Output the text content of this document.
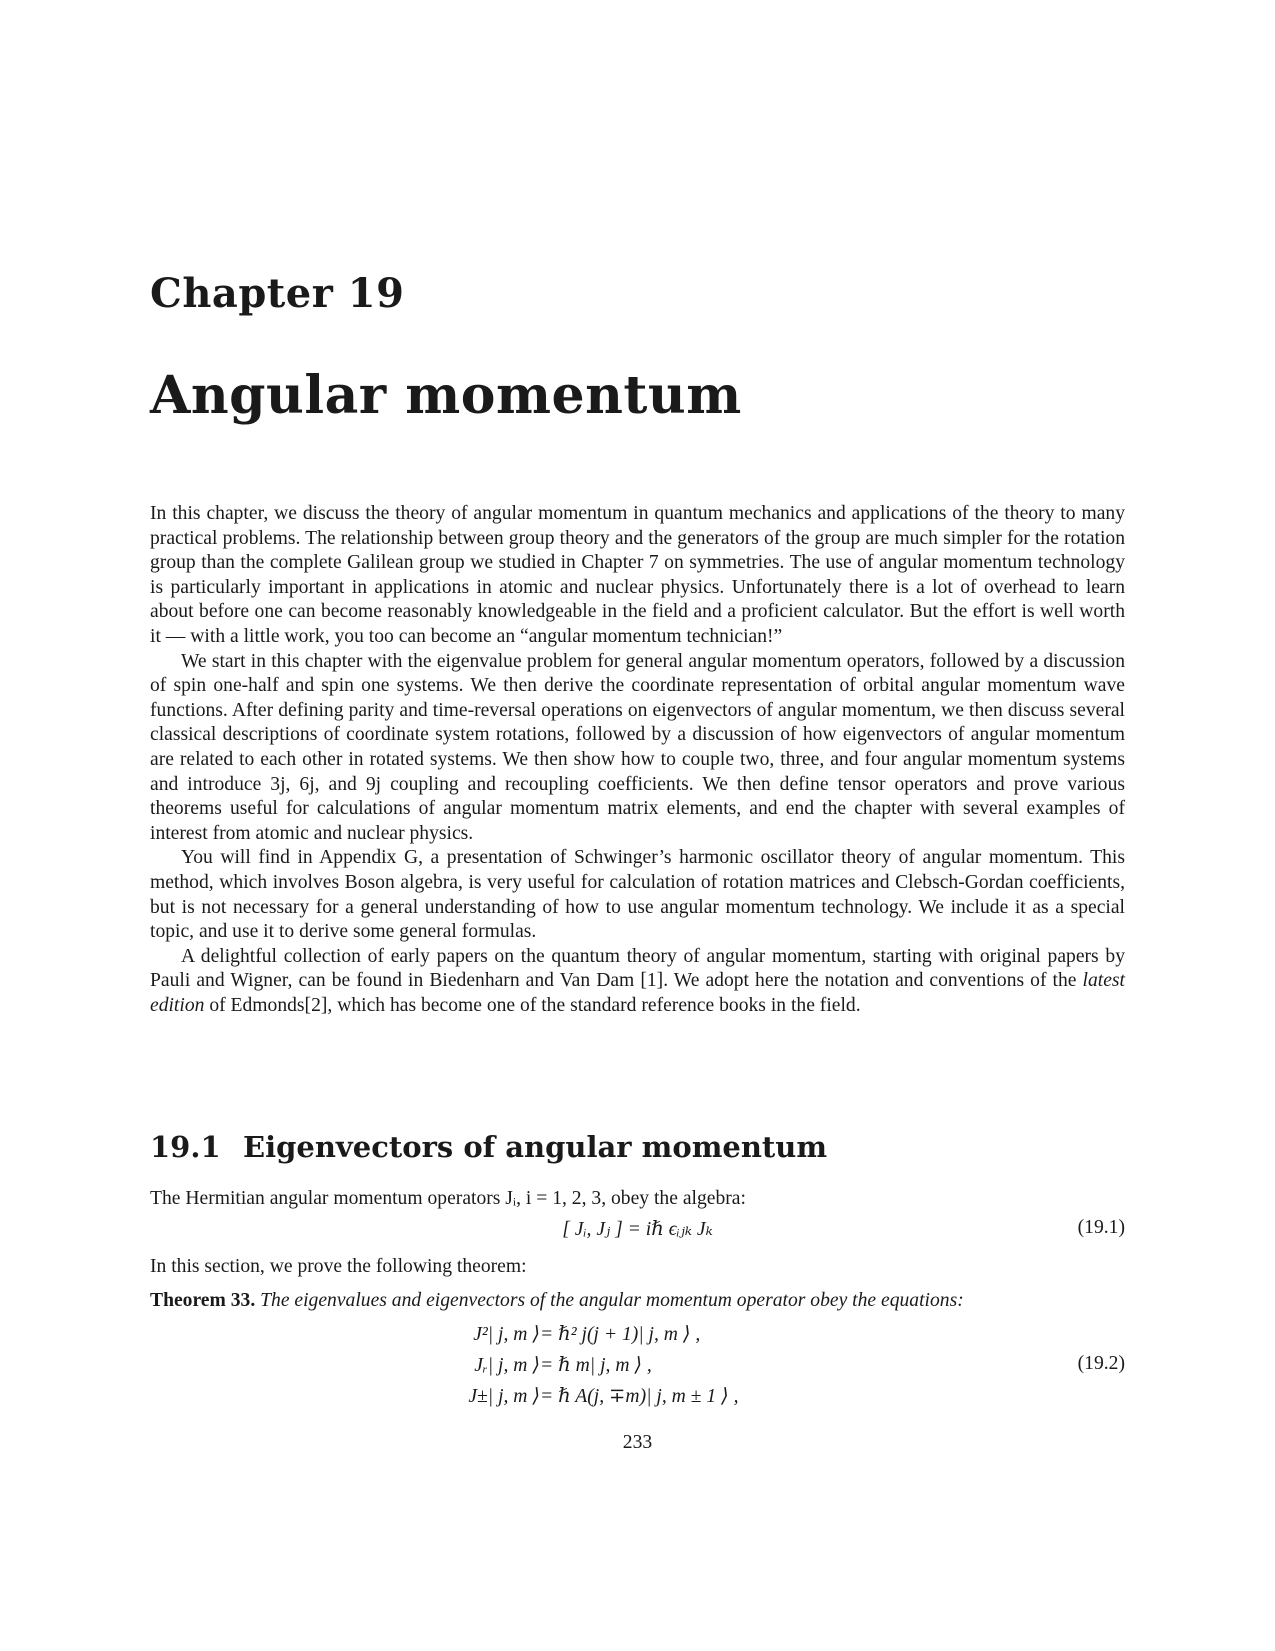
Chapter 19
Angular momentum

In this chapter, we discuss the theory of angular momentum in quantum mechanics and applications of the theory to many practical problems. The relationship between group theory and the generators of the group are much simpler for the rotation group than the complete Galilean group we studied in Chapter 7 on symmetries. The use of angular momentum technology is particularly important in applications in atomic and nuclear physics. Unfortunately there is a lot of overhead to learn about before one can become reasonably knowledgeable in the field and a proficient calculator. But the effort is well worth it — with a little work, you too can become an “angular momentum technician!”

We start in this chapter with the eigenvalue problem for general angular momentum operators, followed by a discussion of spin one-half and spin one systems. We then derive the coordinate representation of orbital angular momentum wave functions. After defining parity and time-reversal operations on eigenvectors of angular momentum, we then discuss several classical descriptions of coordinate system rotations, followed by a discussion of how eigenvectors of angular momentum are related to each other in rotated systems. We then show how to couple two, three, and four angular momentum systems and introduce 3j, 6j, and 9j coupling and recoupling coefficients. We then define tensor operators and prove various theorems useful for calculations of angular momentum matrix elements, and end the chapter with several examples of interest from atomic and nuclear physics.

You will find in Appendix G, a presentation of Schwinger’s harmonic oscillator theory of angular momentum. This method, which involves Boson algebra, is very useful for calculation of rotation matrices and Clebsch-Gordan coefficients, but is not necessary for a general understanding of how to use angular momentum technology. We include it as a special topic, and use it to derive some general formulas.

A delightful collection of early papers on the quantum theory of angular momentum, starting with original papers by Pauli and Wigner, can be found in Biedenharn and Van Dam [1]. We adopt here the notation and conventions of the latest edition of Edmonds[2], which has become one of the standard reference books in the field.

19.1 Eigenvectors of angular momentum
The Hermitian angular momentum operators Jᵢ, i = 1, 2, 3, obey the algebra:
[ Jᵢ, Jⱼ ] = iℏ ϵᵢⱼₖ Jₖ	(19.1)
In this section, we prove the following theorem:
Theorem 33. The eigenvalues and eigenvectors of the angular momentum operator obey the equations:
J²| j, m ⟩ = ℏ² j(j + 1)| j, m ⟩ ,
Jᵣ| j, m ⟩ = ℏ m| j, m ⟩ ,
J±| j, m ⟩ = ℏ A(j, ∓m)| j, m ± 1 ⟩ ,
(19.2)
233
